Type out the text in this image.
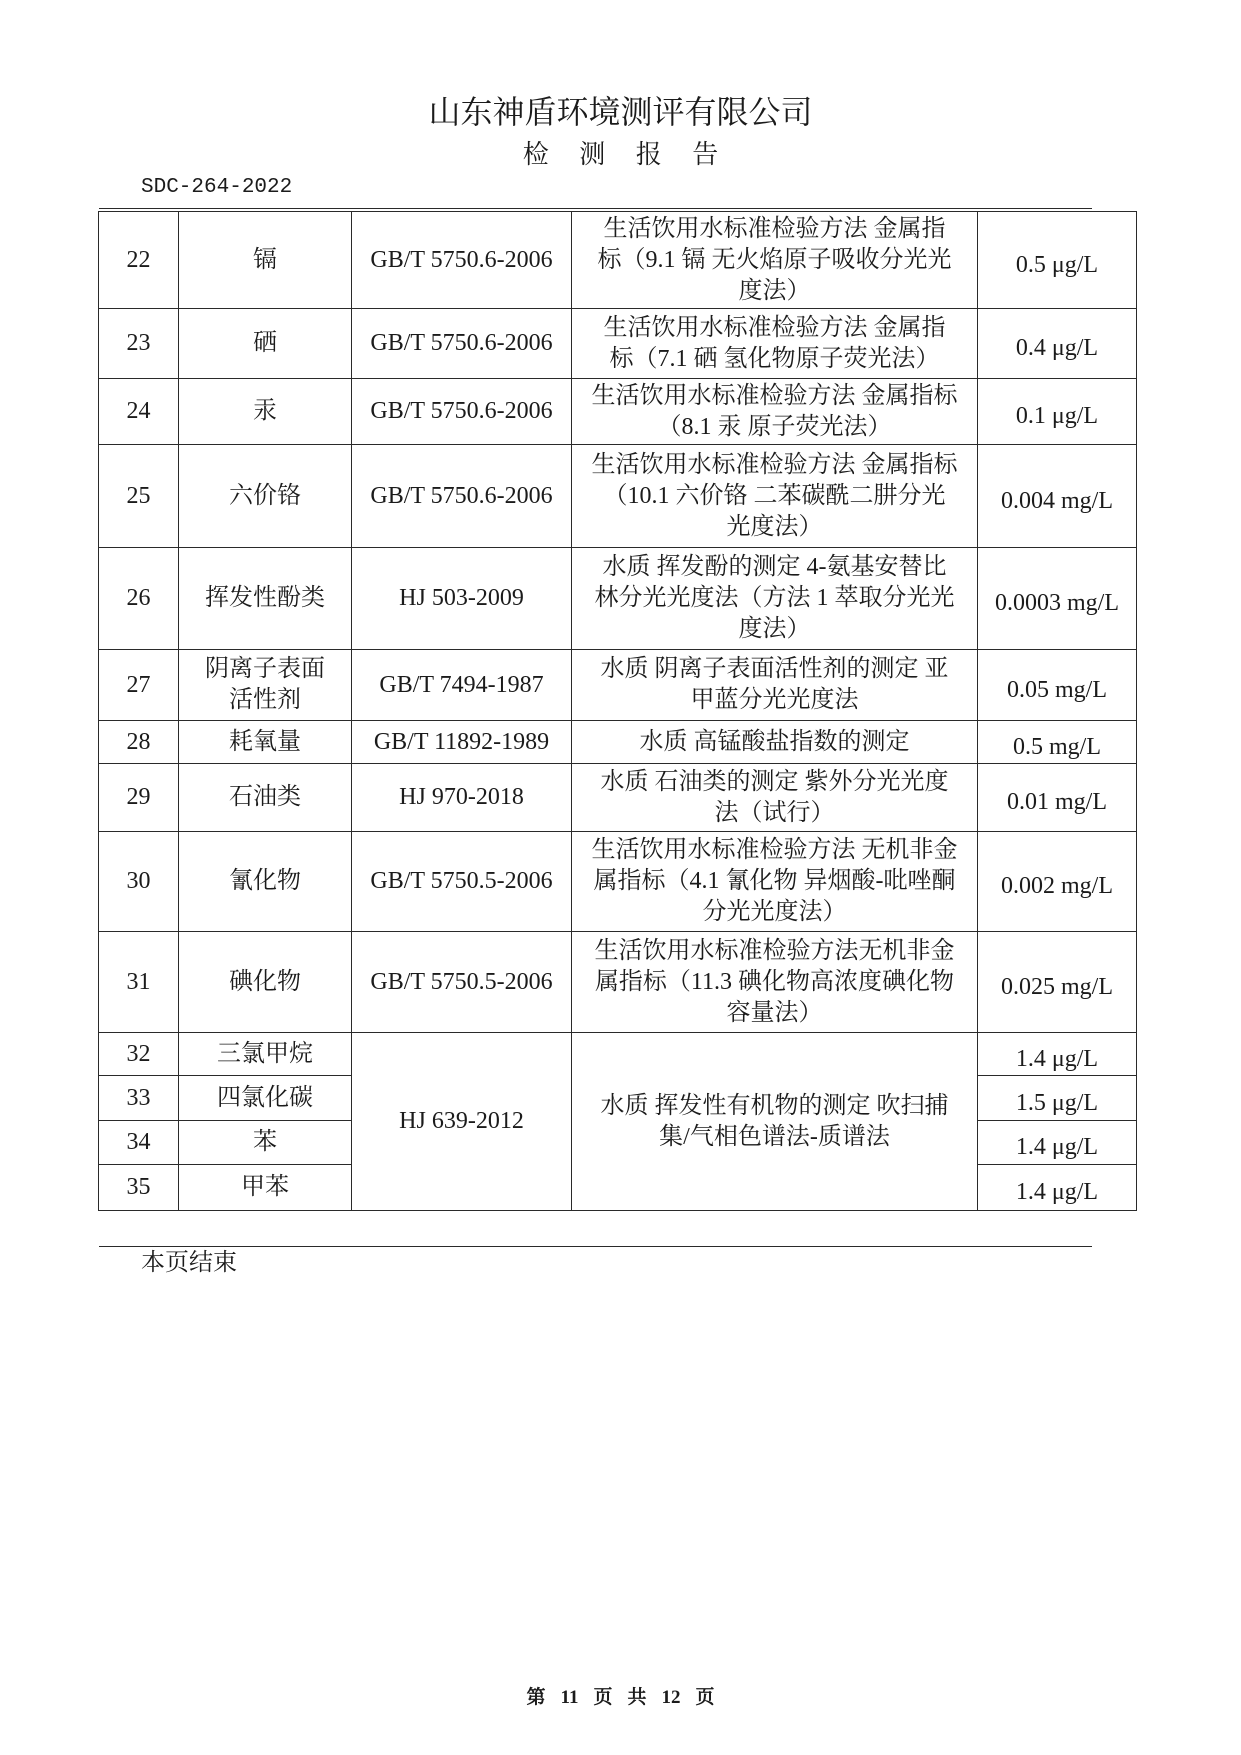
山东神盾环境测评有限公司
检 测 报 告
SDC-264-2022
22	镉	GB/T 5750.6-2006	生活饮用水标准检验方法 金属指
标（9.1 镉 无火焰原子吸收分光光
度法）	0.5 μg/L

23	硒	GB/T 5750.6-2006	生活饮用水标准检验方法 金属指
标（7.1 硒 氢化物原子荧光法）	0.4 μg/L

24	汞	GB/T 5750.6-2006	生活饮用水标准检验方法 金属指标
（8.1 汞 原子荧光法）	0.1 μg/L

25	六价铬	GB/T 5750.6-2006	生活饮用水标准检验方法 金属指标
（10.1 六价铬 二苯碳酰二肼分光
光度法）	0.004 mg/L

26	挥发性酚类	HJ 503-2009	水质 挥发酚的测定 4-氨基安替比
林分光光度法（方法 1 萃取分光光
度法）	0.0003 mg/L

27	阴离子表面
活性剂	GB/T 7494-1987	水质 阴离子表面活性剂的测定 亚
甲蓝分光光度法	0.05 mg/L

28	耗氧量	GB/T 11892-1989	水质 高锰酸盐指数的测定	0.5 mg/L

29	石油类	HJ 970-2018	水质 石油类的测定 紫外分光光度
法（试行）	0.01 mg/L

30	氰化物	GB/T 5750.5-2006	生活饮用水标准检验方法 无机非金
属指标（4.1 氰化物 异烟酸-吡唑酮
分光光度法）	0.002 mg/L

31	碘化物	GB/T 5750.5-2006	生活饮用水标准检验方法无机非金
属指标（11.3 碘化物高浓度碘化物
容量法）	0.025 mg/L

32	三氯甲烷	HJ 639-2012	水质 挥发性有机物的测定 吹扫捕
集/气相色谱法-质谱法	1.4 μg/L

33	四氯化碳			1.5 μg/L

34	苯			1.4 μg/L

35	甲苯			1.4 μg/L
本页结束
第 11 页 共 12 页
